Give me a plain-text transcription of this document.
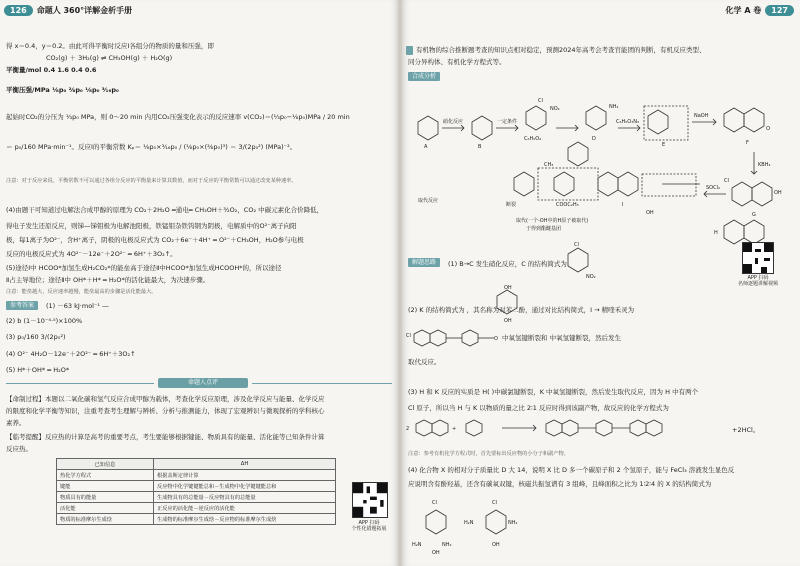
126	命题人 360°详解金析手册
得 x＝0.4，y＝0.2。由此可得平衡时反应Ⅰ各组分的物质的量和压强，即
CO₂(g) ＋ 3H₂(g) ⇌ CH₃OH(g) ＋ H₂O(g)
平衡量/mol 0.4 1.6 0.4 0.6
平衡压强/MPa ¹⁄₈p₀ ²⁄₈p₀ ¹⁄₈p₀ ³⁄₁₆p₀
起始时CO₂的分压为 ¹⁄₃p₀ MPa，则 0～20 min 内用CO₂压强变化表示的反应速率 v(CO₂)＝(¹⁄₃p₀−¹⁄₈p₀)MPa / 20 min
＝ p₀/160 MPa·min⁻¹。反应Ⅰ的平衡常数 Kₚ＝ ¹⁄₈p₀×³⁄₁₆p₀ / (¹⁄₈p₀×(²⁄₈p₀)³) ＝ 3/(2p₀²) (MPa)⁻²。
注意：对于反应来说，平衡常数不可以通过各组分反应的平衡量来计算其数值，而对于反应的平衡常数可以通过改变某种速率。
(4)由题干可知道过电解法合成甲醇的原理为 CO₂＋2H₂O ═通电═ CH₃OH＋³⁄₂O₂，CO₂ 中碳元素化合价降低，
得电子发生还原反应，则锑—锑钼极为电解池阳极，铁锰钼杂铁钨钢为阴极，电解质中的O²⁻离子向阳
极，每1离子为O²⁻，含H⁺离子，阴极的电极反应式为 CO₂＋6e⁻＋4H⁺ ═ O²⁻＋CH₃OH，H₂O参与电极
反应的电极反应式为 4O²⁻－12e⁻＋2O²⁻ ═ 6H⁺＋3O₂↑。
(5)途径Ⅰ中 HCOO*加氢生成H₂CO₂*的能垒高于途径Ⅱ中HCOO*加氢生成HCOOH*的，所以途径
Ⅱ占主导地位；途径Ⅱ中 OH*＋H* ═ H₂O*的活化能最大，为决速步骤。
注意：能垒越大，反应速率越慢，能垒最高的步骤是活化能最大。
参考答案	(1) －63 kJ·mol⁻¹ ―
(2) b (1－10⁻⁴·⁵)×100%
(3) p₀/160 3/(2p₀²)
(4) O²⁻ 4H₂O－12e⁻＋2O²⁻ ═ 6H⁺＋3O₂↑
(5) H*＋OH* ═ H₂O*
命题人点评
【命制过程】本题以二氧化碳和氢气反应合成甲醇为载体，考查化学反应原理，涉及化学反应与能量、化学反应
的限度和化学平衡等知识，注重考查考生理解与辨析、分析与推测能力，体现了宏观辨识与微观探析的学科核心
素养。
【临考提醒】反应热的计算是高考的重要考点，考生要能够根据键能、物质具有的能量、活化能等已知条件计算
反应热。
已知信息	ΔH
热化学方程式	根据盖斯定律计算
键能	反应物中化学键键能总和－生成物中化学键键能总和
物质具有的能量	生成物具有的总能量－反应物具有的总能量
活化能	正反应的活化能－逆反应的活化能
物质的标准摩尔生成焓	生成物的标准摩尔生成焓－反应物的标准摩尔生成焓
APP 扫码
个性化错题拓展
化学 A 卷	127
有机物的综合推断题考查的知识点相对稳定，预测2024年高考会考查官能团的判断，有机反应类型、
同分异构体、有机化学方程式等。
合成分析
A
硝化反应
B
一定条件
Cl
NO₂
C₆H₅O₂
NH₂
D
C₆H₅O₃N₃
E
NaOH
F
O
KBH₄
Cl
OH
G
SOCl₂
H
CH₃
COOC₂H₅
断裂	I
OH
取代反应
取代(一个-OH中的H原子被取代)
于得到酯醚基团
解题思路	(1) B→C 发生硝化反应，C 的结构简式为
Cl
NO₂	APP 扫码
名师逐题讲解视频
OH
OH
(2) K 的结构简式为 ，其名称为对苯二酚，通过对比结构简式，I → 精喹禾灵为
Cl	O 中氧氢键断裂和 中氧氢键断裂，然后发生
取代反应。
(3) H 和 K 反应的实质是 H( )中碳氯键断裂，K 中氧氢键断裂，然后发生取代反应，因为 H 中有两个
Cl 原子，所以当 H 与 K 以物质的量之比 2∶1 反应时得到该副产物，故反应的化学方程式为
+
2	+2HCl。
注意：参考有机化学方程式时，首先要标出反应物的小分子和副产物。
(4) 化合物 X 的相对分子质量比 D 大 14，说明 X 比 D 多一个碳原子和 2 个氢原子，能与 FeCl₃ 溶液发生显色反
应说明含有酚羟基，还含有碳氧双键，核磁共振氢谱有 3 组峰，且峰面积之比为 1∶2∶4 的 X 的结构简式为
Cl
H₂N	NH₂
OH
H₂N	NH₂
Cl
OH
